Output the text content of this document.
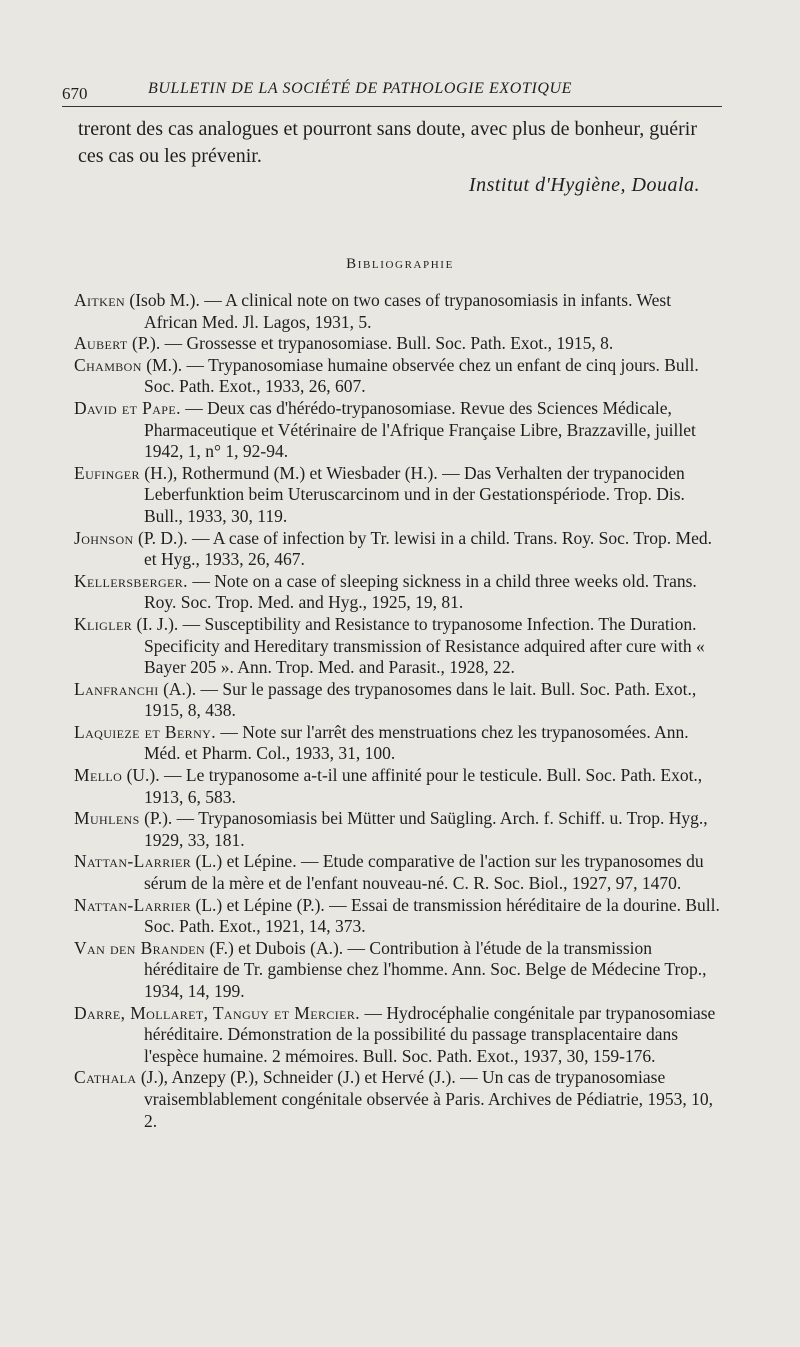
670	BULLETIN DE LA SOCIÉTÉ DE PATHOLOGIE EXOTIQUE

treront des cas analogues et pourront sans doute, avec plus de bonheur, guérir ces cas ou les prévenir.

Institut d'Hygiène, Douala.
Bibliographie

Aitken (Isob M.). — A clinical note on two cases of trypanosomiasis in infants. West African Med. Jl. Lagos, 1931, 5.

Aubert (P.). — Grossesse et trypanosomiase. Bull. Soc. Path. Exot., 1915, 8.

Chambon (M.). — Trypanosomiase humaine observée chez un enfant de cinq jours. Bull. Soc. Path. Exot., 1933, 26, 607.

David et Pape. — Deux cas d'hérédo-trypanosomiase. Revue des Sciences Médicale, Pharmaceutique et Vétérinaire de l'Afrique Française Libre, Brazzaville, juillet 1942, 1, n° 1, 92-94.

Eufinger (H.), Rothermund (M.) et Wiesbader (H.). — Das Verhalten der trypanociden Leberfunktion beim Uteruscarcinom und in der Gestationspériode. Trop. Dis. Bull., 1933, 30, 119.

Johnson (P. D.). — A case of infection by Tr. lewisi in a child. Trans. Roy. Soc. Trop. Med. et Hyg., 1933, 26, 467.

Kellersberger. — Note on a case of sleeping sickness in a child three weeks old. Trans. Roy. Soc. Trop. Med. and Hyg., 1925, 19, 81.

Kligler (I. J.). — Susceptibility and Resistance to trypanosome Infection. The Duration. Specificity and Hereditary transmission of Resistance adquired after cure with « Bayer 205 ». Ann. Trop. Med. and Parasit., 1928, 22.

Lanfranchi (A.). — Sur le passage des trypanosomes dans le lait. Bull. Soc. Path. Exot., 1915, 8, 438.

Laquieze et Berny. — Note sur l'arrêt des menstruations chez les trypanosomées. Ann. Méd. et Pharm. Col., 1933, 31, 100.

Mello (U.). — Le trypanosome a-t-il une affinité pour le testicule. Bull. Soc. Path. Exot., 1913, 6, 583.

Muhlens (P.). — Trypanosomiasis bei Mütter und Saügling. Arch. f. Schiff. u. Trop. Hyg., 1929, 33, 181.

Nattan-Larrier (L.) et Lépine. — Etude comparative de l'action sur les trypanosomes du sérum de la mère et de l'enfant nouveau-né. C. R. Soc. Biol., 1927, 97, 1470.

Nattan-Larrier (L.) et Lépine (P.). — Essai de transmission héréditaire de la dourine. Bull. Soc. Path. Exot., 1921, 14, 373.

Van den Branden (F.) et Dubois (A.). — Contribution à l'étude de la transmission héréditaire de Tr. gambiense chez l'homme. Ann. Soc. Belge de Médecine Trop., 1934, 14, 199.

Darre, Mollaret, Tanguy et Mercier. — Hydrocéphalie congénitale par trypanosomiase héréditaire. Démonstration de la possibilité du passage transplacentaire dans l'espèce humaine. 2 mémoires. Bull. Soc. Path. Exot., 1937, 30, 159-176.

Cathala (J.), Anzepy (P.), Schneider (J.) et Hervé (J.). — Un cas de trypanosomiase vraisemblablement congénitale observée à Paris. Archives de Pédiatrie, 1953, 10, 2.
